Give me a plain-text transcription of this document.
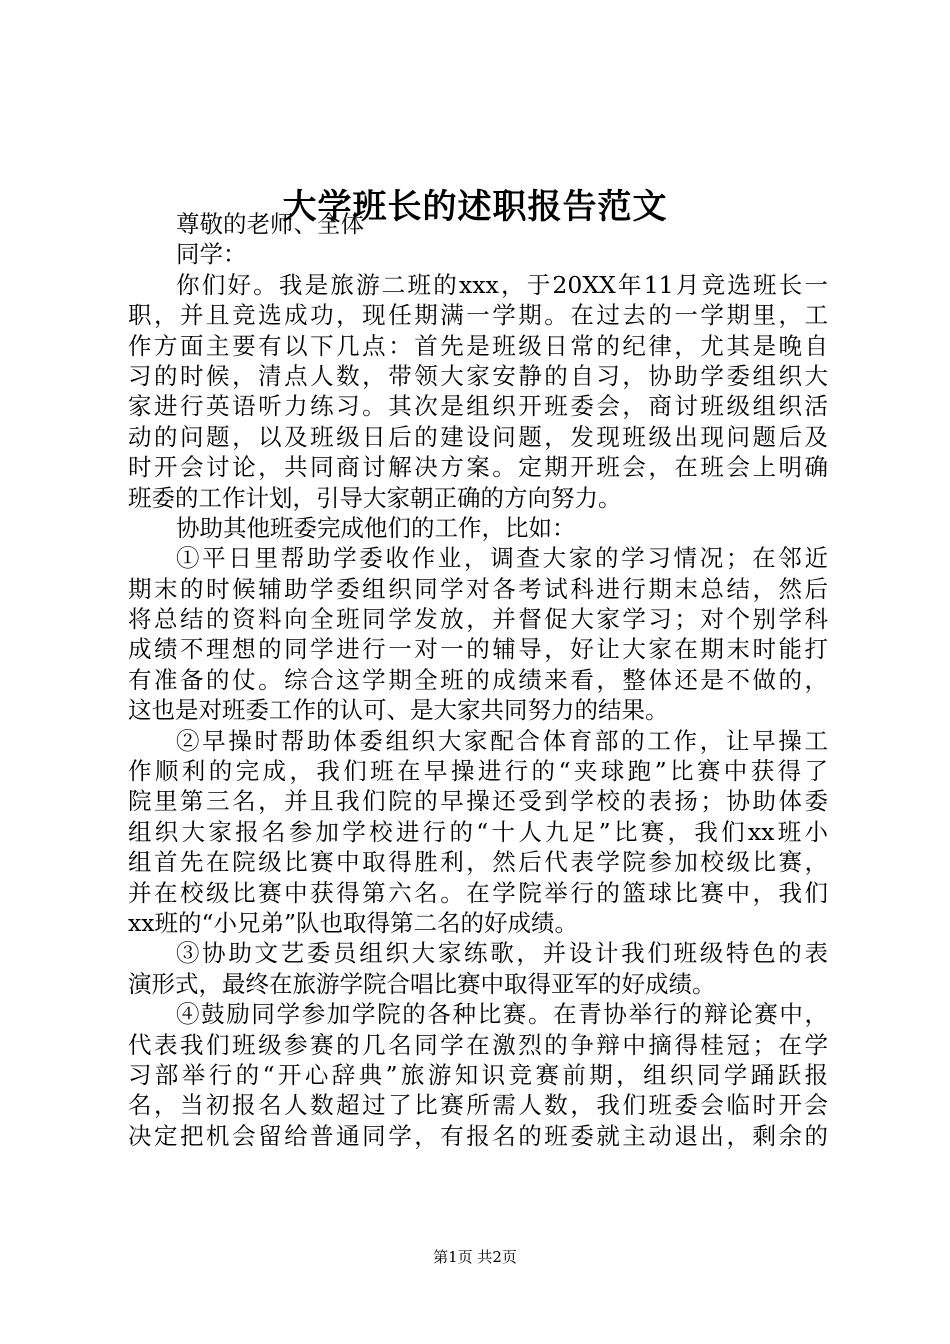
大学班长的述职报告范文
尊敬的老师、全体
同学：
你们好。我是旅游二班的xxx，于20XX年11月竞选班长一
职，并且竞选成功，现任期满一学期。在过去的一学期里，工
作方面主要有以下几点：首先是班级日常的纪律，尤其是晚自
习的时候，清点人数，带领大家安静的自习，协助学委组织大
家进行英语听力练习。其次是组织开班委会，商讨班级组织活
动的问题，以及班级日后的建设问题，发现班级出现问题后及
时开会讨论，共同商讨解决方案。定期开班会，在班会上明确
班委的工作计划，引导大家朝正确的方向努力。
协助其他班委完成他们的工作，比如：
①平日里帮助学委收作业，调查大家的学习情况；在邻近
期末的时候辅助学委组织同学对各考试科进行期末总结，然后
将总结的资料向全班同学发放，并督促大家学习；对个别学科
成绩不理想的同学进行一对一的辅导，好让大家在期末时能打
有准备的仗。综合这学期全班的成绩来看，整体还是不做的，
这也是对班委工作的认可、是大家共同努力的结果。
②早操时帮助体委组织大家配合体育部的工作，让早操工
作顺利的完成，我们班在早操进行的“夹球跑”比赛中获得了
院里第三名，并且我们院的早操还受到学校的表扬；协助体委
组织大家报名参加学校进行的“十人九足”比赛，我们xx班小
组首先在院级比赛中取得胜利，然后代表学院参加校级比赛，
并在校级比赛中获得第六名。在学院举行的篮球比赛中，我们
xx班的“小兄弟”队也取得第二名的好成绩。
③协助文艺委员组织大家练歌，并设计我们班级特色的表
演形式，最终在旅游学院合唱比赛中取得亚军的好成绩。
④鼓励同学参加学院的各种比赛。在青协举行的辩论赛中，
代表我们班级参赛的几名同学在激烈的争辩中摘得桂冠；在学
习部举行的“开心辞典”旅游知识竞赛前期，组织同学踊跃报
名，当初报名人数超过了比赛所需人数，我们班委会临时开会
决定把机会留给普通同学，有报名的班委就主动退出，剩余的
第1页 共2页
